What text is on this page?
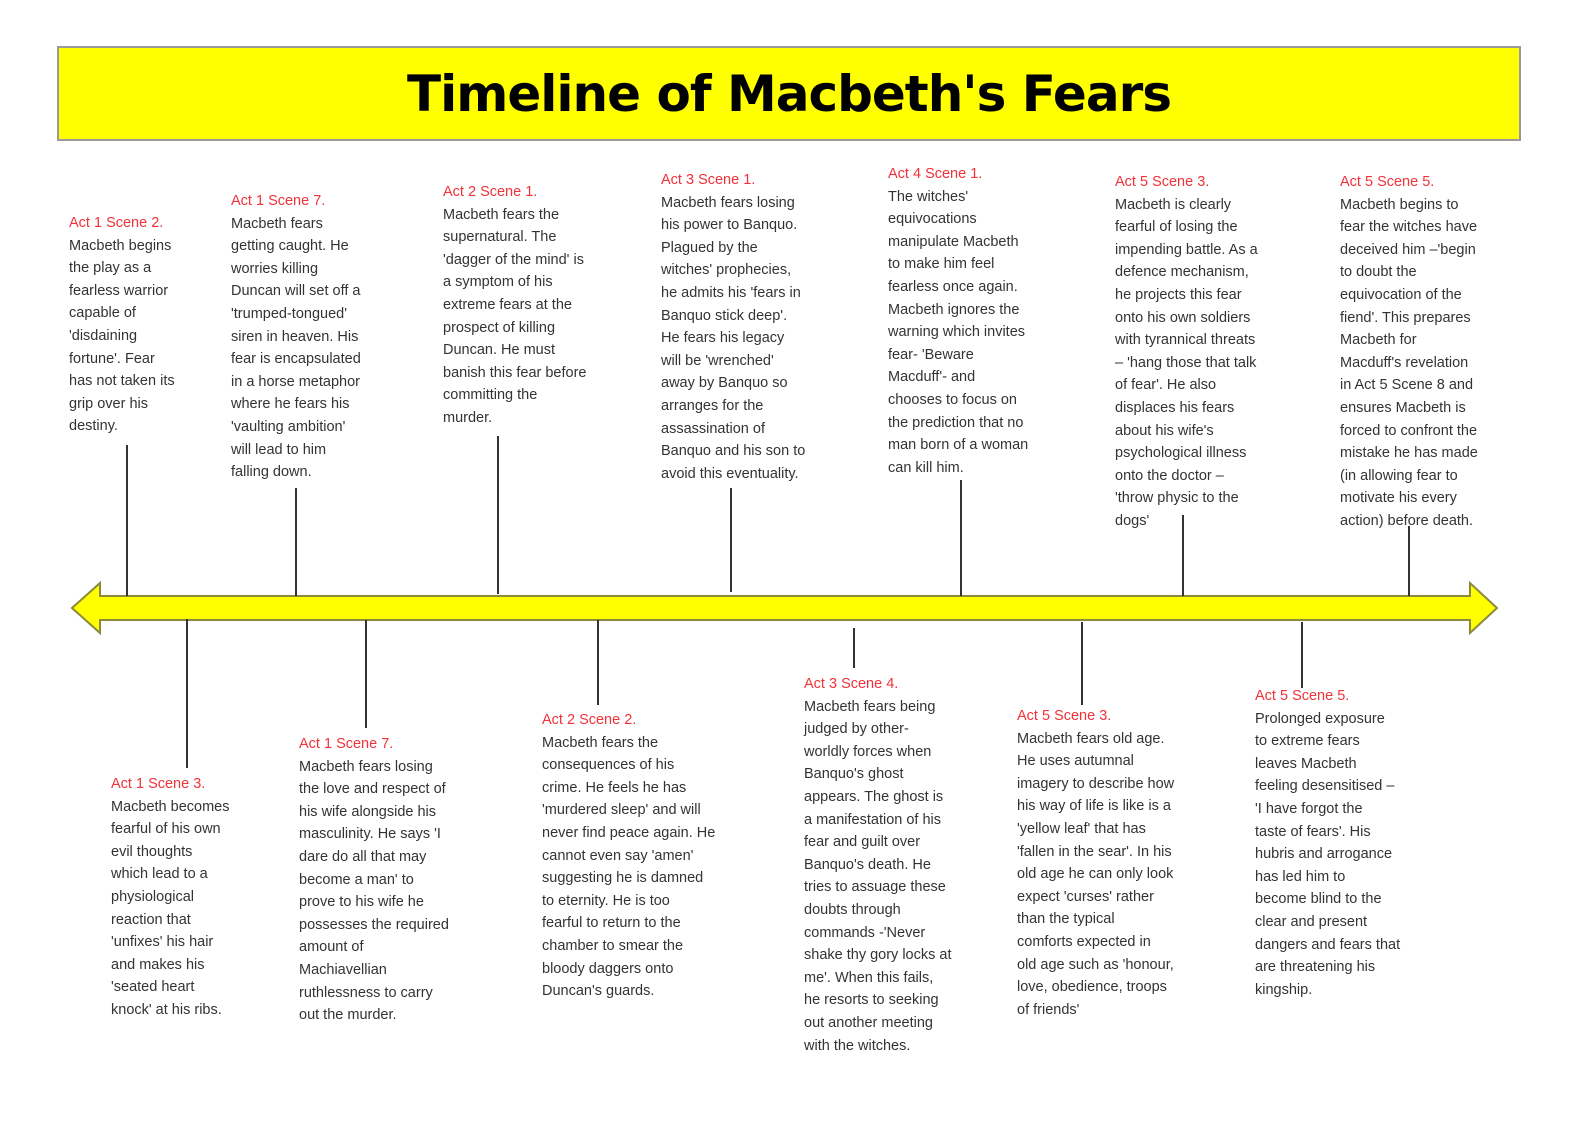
Timeline of Macbeth's Fears
Act 1 Scene 2.
Macbeth begins
the play as a
fearless warrior
capable of
'disdaining
fortune'. Fear
has not taken its
grip over his
destiny.
Act 1 Scene 7.
Macbeth fears
getting caught. He
worries killing
Duncan will set off a
'trumped-tongued'
siren in heaven. His
fear is encapsulated
in a horse metaphor
where he fears his
'vaulting ambition'
will lead to him
falling down.
Act 2 Scene 1.
Macbeth fears the
supernatural. The
'dagger of the mind' is
a symptom of his
extreme fears at the
prospect of killing
Duncan. He must
banish this fear before
committing the
murder.
Act 3 Scene 1.
Macbeth fears losing
his power to Banquo.
Plagued by the
witches' prophecies,
he admits his 'fears in
Banquo stick deep'.
He fears his legacy
will be 'wrenched'
away by Banquo so
arranges for the
assassination of
Banquo and his son to
avoid this eventuality.
Act 4 Scene 1.
The witches'
equivocations
manipulate Macbeth
to make him feel
fearless once again.
Macbeth ignores the
warning which invites
fear- 'Beware
Macduff'- and
chooses to focus on
the prediction that no
man born of a woman
can kill him.
Act 5 Scene 3.
Macbeth is clearly
fearful of losing the
impending battle. As a
defence mechanism,
he projects this fear
onto his own soldiers
with tyrannical threats
– 'hang those that talk
of fear'. He also
displaces his fears
about his wife's
psychological illness
onto the doctor –
'throw physic to the
dogs'
Act 5 Scene 5.
Macbeth begins to
fear the witches have
deceived him –'begin
to doubt the
equivocation of the
fiend'. This prepares
Macbeth for
Macduff's revelation
in Act 5 Scene 8 and
ensures Macbeth is
forced to confront the
mistake he has made
(in allowing fear to
motivate his every
action) before death.
Act 1 Scene 3.
Macbeth becomes
fearful of his own
evil thoughts
which lead to a
physiological
reaction that
'unfixes' his hair
and makes his
'seated heart
knock' at his ribs.
Act 1 Scene 7.
Macbeth fears losing
the love and respect of
his wife alongside his
masculinity. He says 'I
dare do all that may
become a man' to
prove to his wife he
possesses the required
amount of
Machiavellian
ruthlessness to carry
out the murder.
Act 2 Scene 2.
Macbeth fears the
consequences of his
crime. He feels he has
'murdered sleep' and will
never find peace again. He
cannot even say 'amen'
suggesting he is damned
to eternity. He is too
fearful to return to the
chamber to smear the
bloody daggers onto
Duncan's guards.
Act 3 Scene 4.
Macbeth fears being
judged by other-
worldly forces when
Banquo's ghost
appears. The ghost is
a manifestation of his
fear and guilt over
Banquo's death. He
tries to assuage these
doubts through
commands -'Never
shake thy gory locks at
me'. When this fails,
he resorts to seeking
out another meeting
with the witches.
Act 5 Scene 3.
Macbeth fears old age.
He uses autumnal
imagery to describe how
his way of life is like is a
'yellow leaf' that has
'fallen in the sear'. In his
old age he can only look
expect 'curses' rather
than the typical
comforts expected in
old age such as 'honour,
love, obedience, troops
of friends'
Act 5 Scene 5.
Prolonged exposure
to extreme fears
leaves Macbeth
feeling desensitised –
'I have forgot the
taste of fears'. His
hubris and arrogance
has led him to
become blind to the
clear and present
dangers and fears that
are threatening his
kingship.
